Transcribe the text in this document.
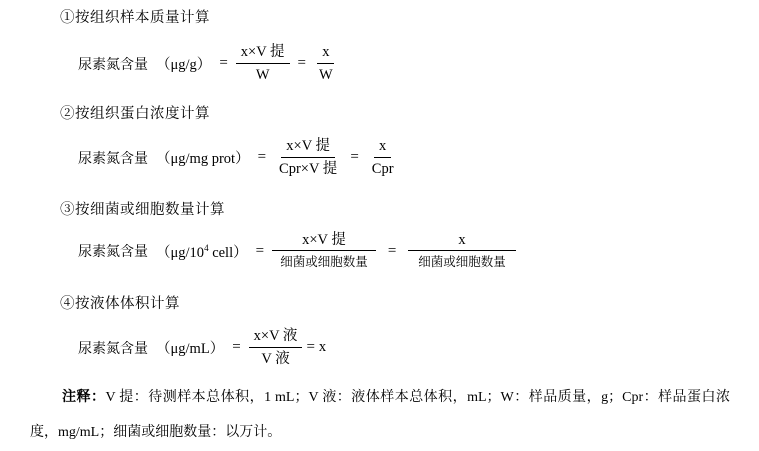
①按组织样本质量计算
尿素氮含量 $(\mu g/g) = \frac{\text{x×V 提}}{W} = \frac{x}{W}$
②按组织蛋白浓度计算
尿素氮含量 （μg/mg prot） = $\frac{\text{x×V 提}}{\text{Cpr×V 提}} = \frac{x}{\text{Cpr}}$
③按细菌或细胞数量计算
尿素氮含量 （$\mu g/10^4$ cell） = $\frac{\text{x×V 提}}{\text{细菌或细胞数量}} = \frac{x}{\text{细菌或细胞数量}}$
④按液体体积计算
尿素氮含量 $(\mu g/mL) = \frac{\text{x×V 液}}{\text{V 液}} = x$
注释：V 提：待测样本总体积，1 mL；V 液：液体样本总体积，mL；W：样品质量，g；Cpr：样品蛋白浓度，mg/mL；细菌或细胞数量：以万计。
